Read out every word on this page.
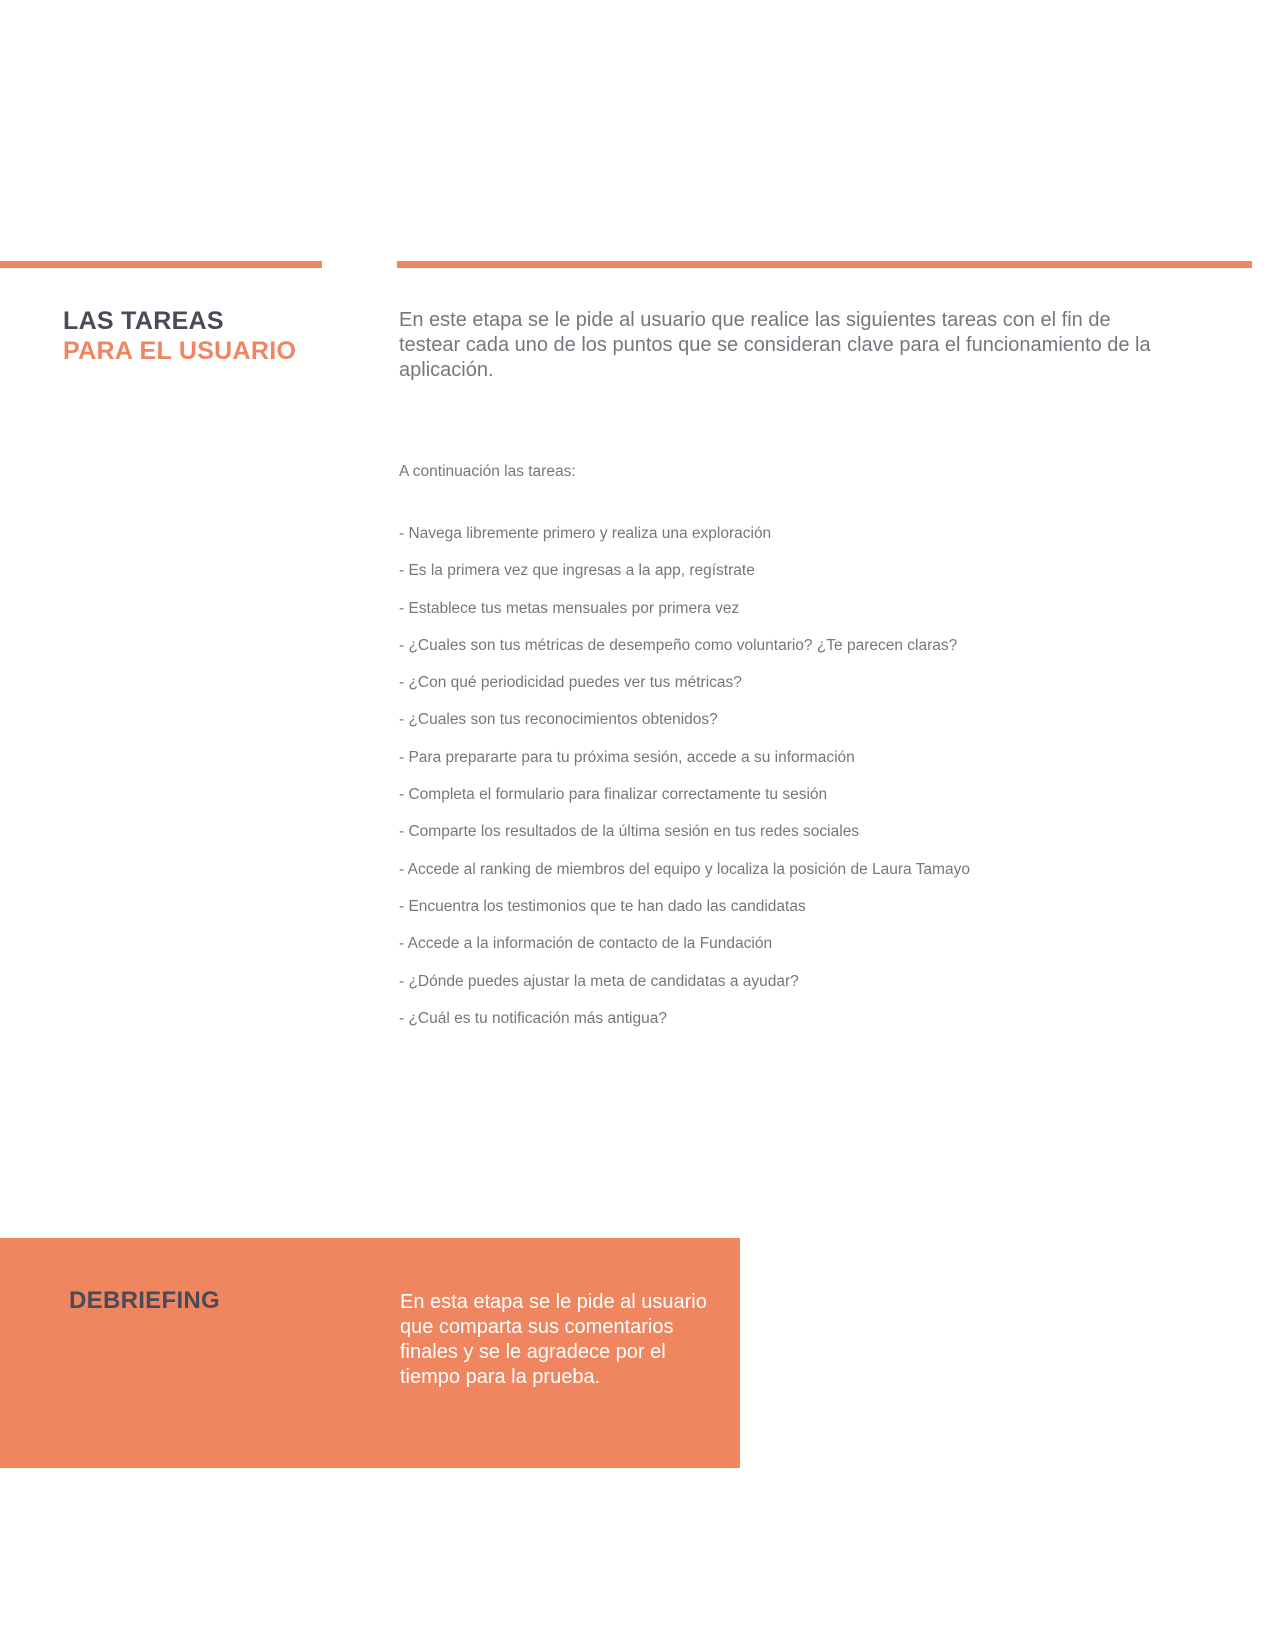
LAS TAREAS
PARA EL USUARIO

En este etapa se le pide al usuario que realice las siguientes tareas con el fin de testear cada uno de los puntos que se consideran clave para el funcionamiento de la aplicación.

A continuación las tareas:

- Navega libremente primero y realiza una exploración
- Es la primera vez que ingresas a la app, regístrate
- Establece tus metas mensuales por primera vez
- ¿Cuales son tus métricas de desempeño como voluntario? ¿Te parecen claras?
- ¿Con qué periodicidad puedes ver tus métricas?
- ¿Cuales son tus reconocimientos obtenidos?
- Para prepararte para tu próxima sesión, accede a su información
- Completa el formulario para finalizar correctamente tu sesión
- Comparte los resultados de la última sesión en tus redes sociales
- Accede al ranking de miembros del equipo y localiza la posición de Laura Tamayo
- Encuentra los testimonios que te han dado las candidatas
- Accede a la información de contacto de la Fundación
- ¿Dónde puedes ajustar la meta de candidatas a ayudar?
- ¿Cuál es tu notificación más antigua?
DEBRIEFING	En esta etapa se le pide al usuario que comparta sus comentarios finales y se le agradece por el tiempo para la prueba.
